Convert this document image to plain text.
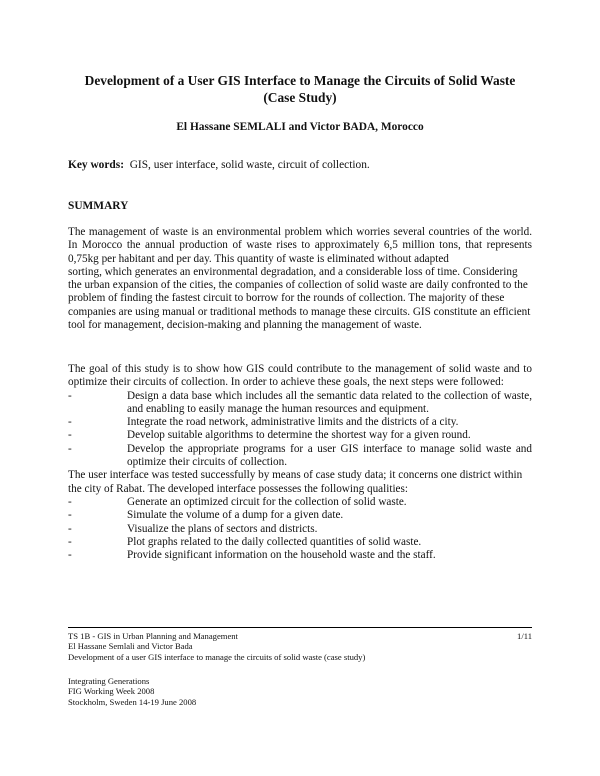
Development of a User GIS Interface to Manage the Circuits of Solid Waste
(Case Study)
El Hassane SEMLALI and Victor BADA, Morocco
Key words: GIS, user interface, solid waste, circuit of collection.
SUMMARY
The management of waste is an environmental problem which worries several countries of the world. In Morocco the annual production of waste rises to approximately 6,5 million tons, that represents 0,75kg per habitant and per day. This quantity of waste is eliminated without adapted
sorting, which generates an environmental degradation, and a considerable loss of time. Considering the urban expansion of the cities, the companies of collection of solid waste are daily confronted to the problem of finding the fastest circuit to borrow for the rounds of collection. The majority of these companies are using manual or traditional methods to manage these circuits. GIS constitute an efficient tool for management, decision-making and planning the management of waste.
The goal of this study is to show how GIS could contribute to the management of solid waste and to optimize their circuits of collection. In order to achieve these goals, the next steps were followed:
-	Design a data base which includes all the semantic data related to the collection of waste, and enabling to easily manage the human resources and equipment.
-	Integrate the road network, administrative limits and the districts of a city.
-	Develop suitable algorithms to determine the shortest way for a given round.
-	Develop the appropriate programs for a user GIS interface to manage solid waste and optimize their circuits of collection.
The user interface was tested successfully by means of case study data; it concerns one district within the city of Rabat. The developed interface possesses the following qualities:
-	Generate an optimized circuit for the collection of solid waste.
-	Simulate the volume of a dump for a given date.
-	Visualize the plans of sectors and districts.
-	Plot graphs related to the daily collected quantities of solid waste.
-	Provide significant information on the household waste and the staff.
TS 1B - GIS in Urban Planning and Management	1/11
El Hassane Semlali and Victor Bada
Development of a user GIS interface to manage the circuits of solid waste (case study)
Integrating Generations
FIG Working Week 2008
Stockholm, Sweden 14-19 June 2008
